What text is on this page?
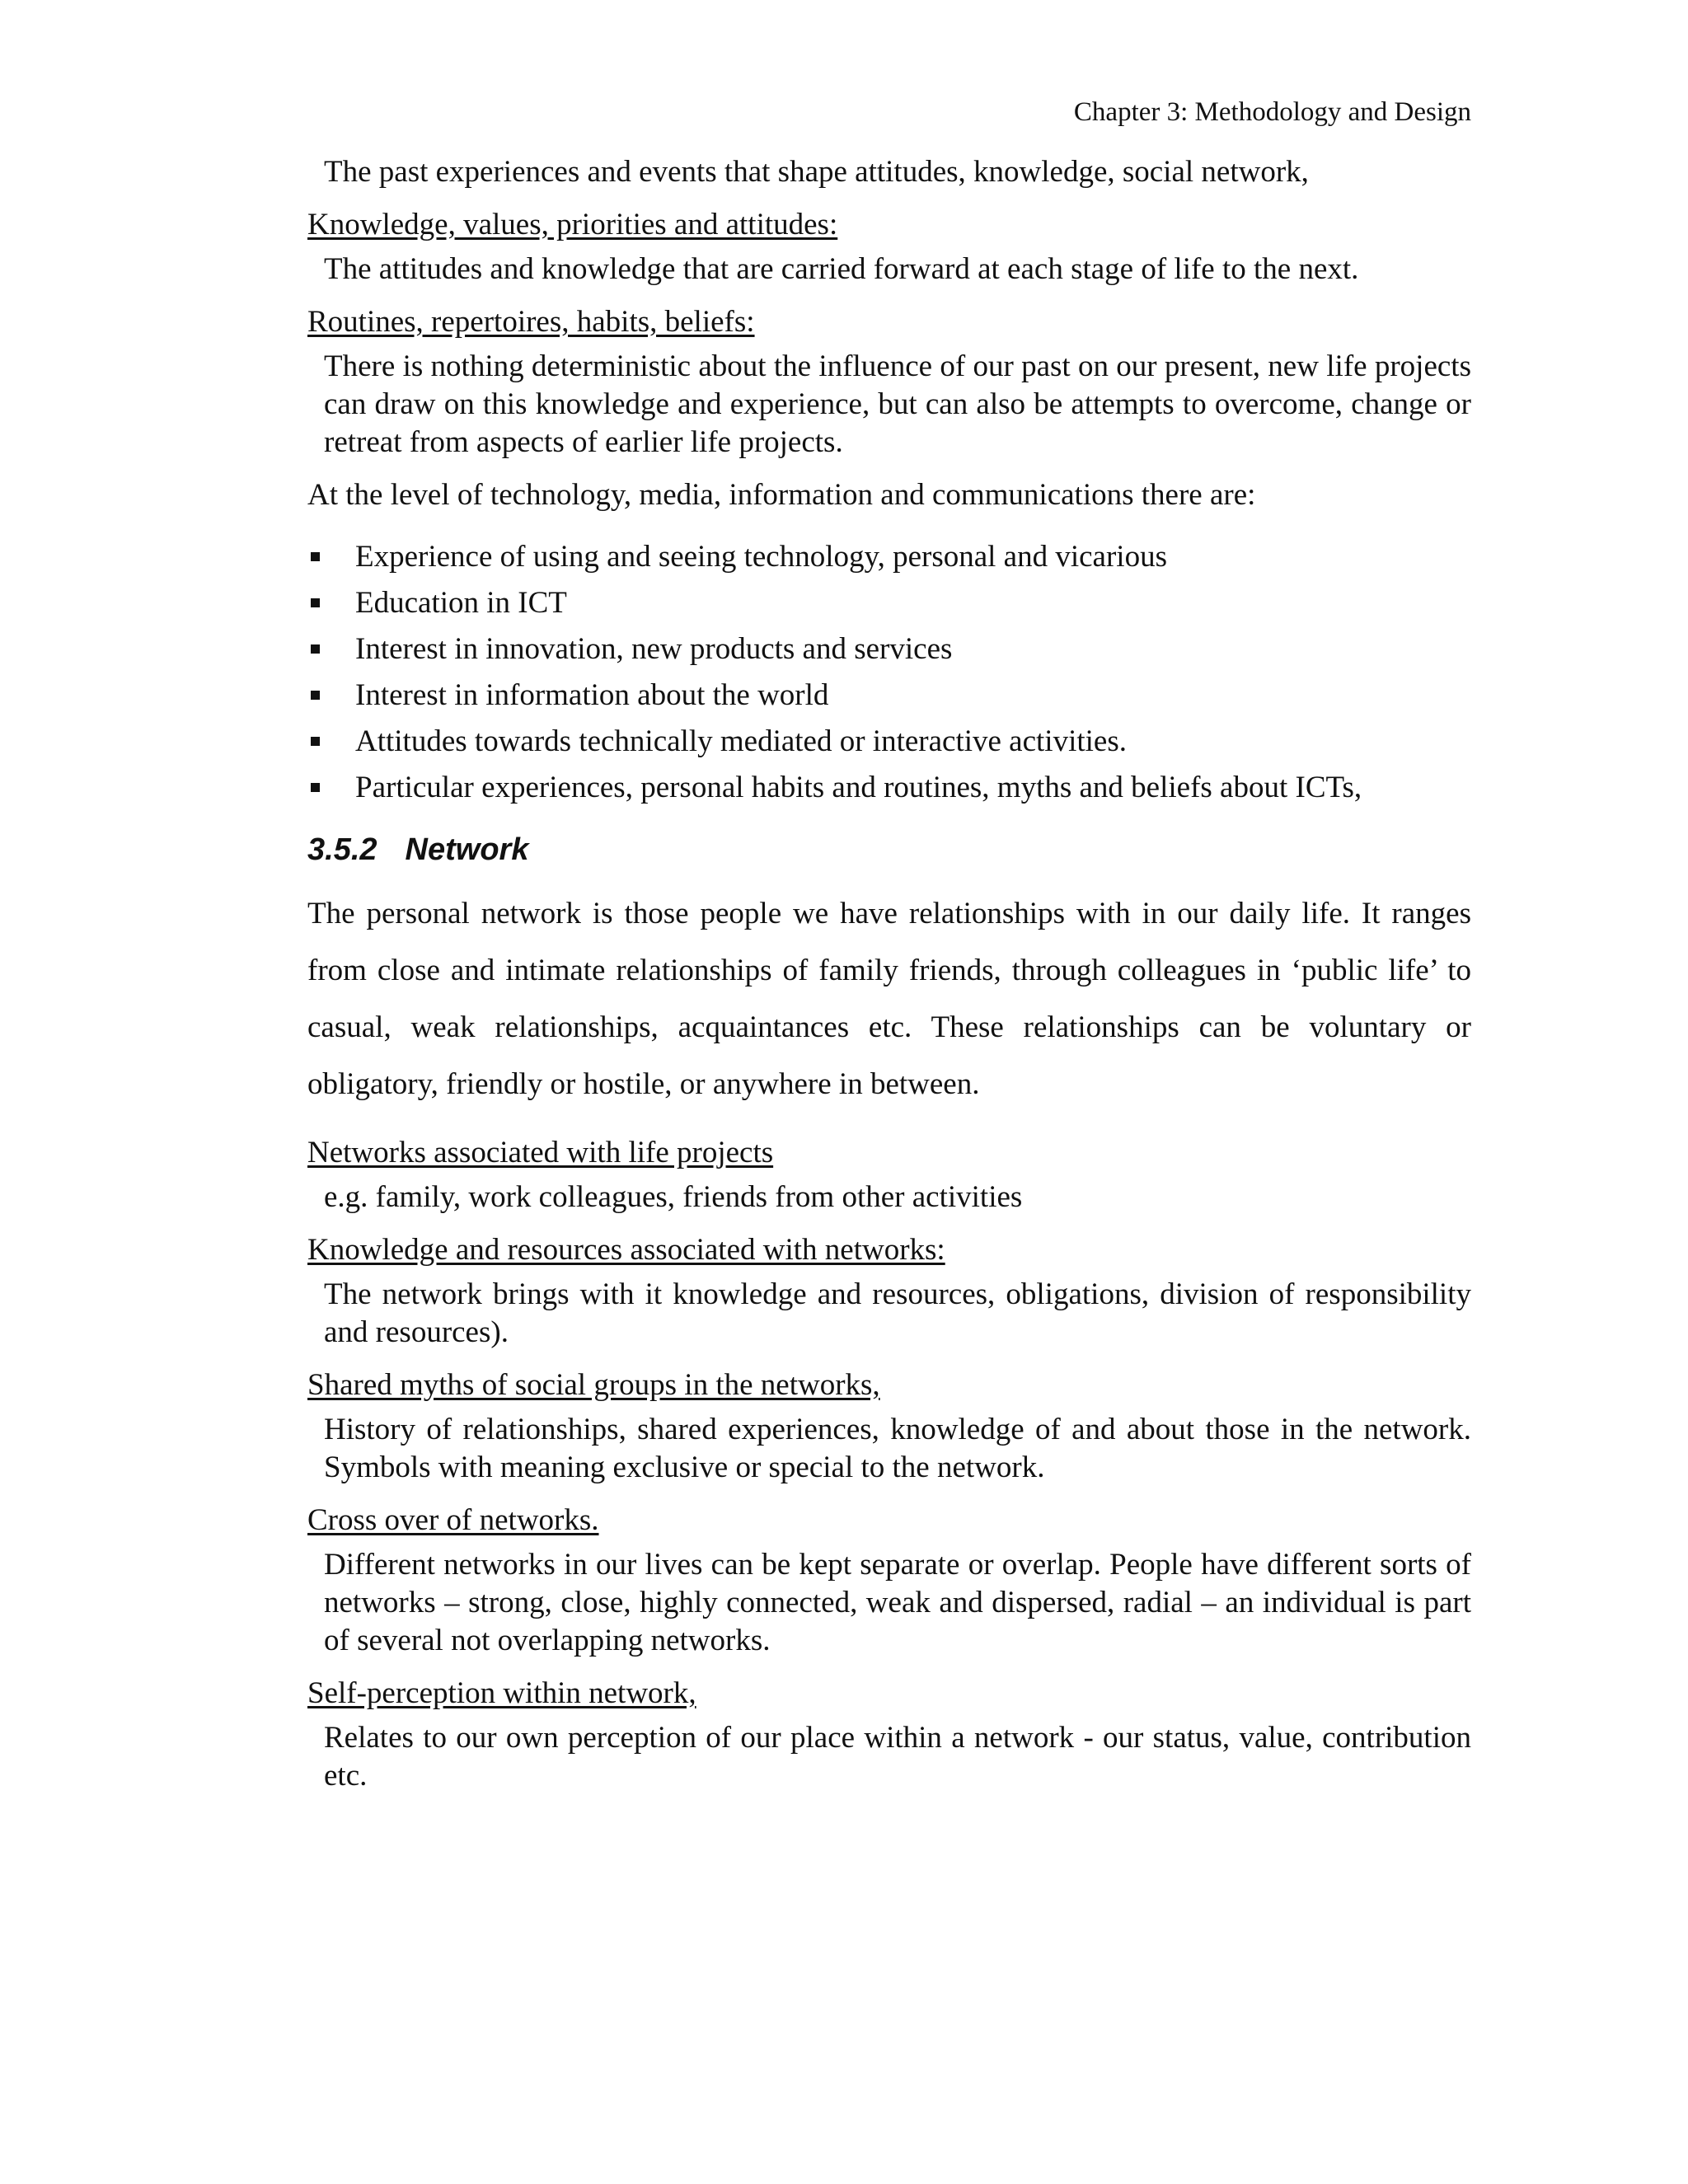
Chapter 3: Methodology and Design
The past experiences and events that shape attitudes, knowledge, social network,
Knowledge, values, priorities and attitudes:
The attitudes and knowledge that are carried forward at each stage of life to the next.
Routines, repertoires, habits, beliefs:
There is nothing deterministic about the influence of our past on our present, new life projects can draw on this knowledge and experience, but can also be attempts to overcome, change or retreat from aspects of earlier life projects.
At the level of technology, media, information and communications there are:
Experience of using and seeing technology, personal and vicarious
Education in ICT
Interest in innovation, new products and services
Interest in information about the world
Attitudes towards technically mediated or interactive activities.
Particular experiences, personal habits and routines, myths and beliefs about ICTs,
3.5.2 Network
The personal network is those people we have relationships with in our daily life. It ranges from close and intimate relationships of family friends, through colleagues in ‘public life’ to casual, weak relationships, acquaintances etc. These relationships can be voluntary or obligatory, friendly or hostile, or anywhere in between.
Networks associated with life projects
e.g. family, work colleagues, friends from other activities
Knowledge and resources associated with networks:
The network brings with it knowledge and resources, obligations, division of responsibility and resources).
Shared myths of social groups in the networks,
History of relationships, shared experiences, knowledge of and about those in the network. Symbols with meaning exclusive or special to the network.
Cross over of networks.
Different networks in our lives can be kept separate or overlap. People have different sorts of networks – strong, close, highly connected, weak and dispersed, radial – an individual is part of several not overlapping networks.
Self-perception within network,
Relates to our own perception of our place within a network - our status, value, contribution etc.
